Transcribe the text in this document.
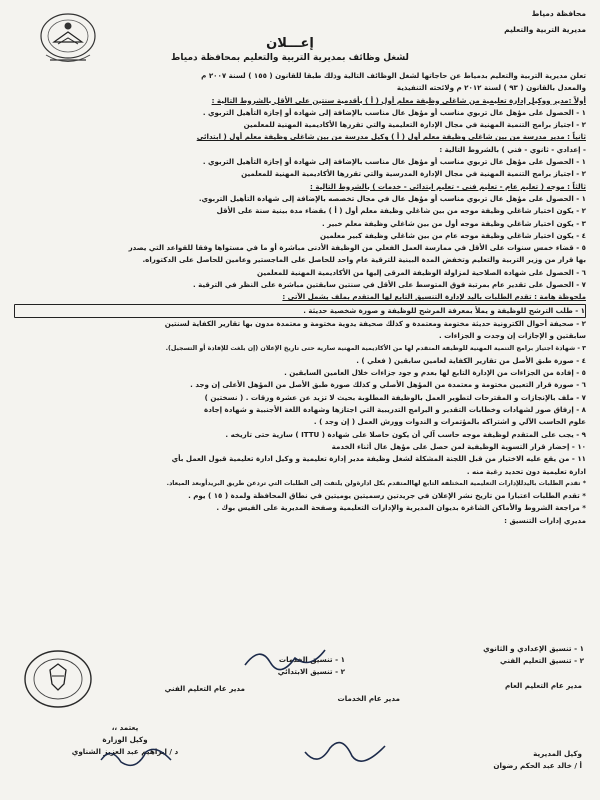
محافظة دمياط
مديرية التربية والتعليم
إعـــلان
لشغل وظائف بمديرية التربية والتعليم بمحافظة دمياط
تعلن مديرية التربية والتعليم بدمياط عن حاجاتها لشغل الوظائف التالية وذلك طبقا للقانون ( ١٥٥ ) لسنة ٢٠٠٧ م
والمعدل بالقانون ( ٩٣ ) لسنة ٢٠١٢ م ولائحته التنفيذية
أولاً :مدير ووكيل إدارة تعليمية من شاغلي وظيفة معلم أول ( أ ) بأقدمية سنتين على الأقل بالشروط التالية :
١ - الحصول على مؤهل عال تربوي مناسب أو مؤهل عال مناسب بالإضافة إلى شهادة أو إجازة التأهيل التربوي .
٢ - اجتياز برامج التنمية المهنية في مجال الإدارة التعليمية والتي تقررها الأكاديمية المهنية للمعلمين
ثانياً : مدير مدرسة من بين شاغلي وظيفة معلم أول ( أ ) وكيل مدرسة من بين شاغلي وظيفة معلم أول ( ابتدائي
- إعدادي - ثانوي - فني ) بالشروط التالية :
١ - الحصول على مؤهل عال تربوي مناسب أو مؤهل عال مناسب بالإضافة إلى شهادة أو إجازة التأهيل التربوي .
٢ - اجتياز برامج التنمية المهنية في مجال الإدارة المدرسية والتي تقررها الأكاديمية المهنية للمعلمين
ثالثاً : موجه ( تعليم عام - تعليم فني - تعليم ابتدائي - خدمات ) بالشروط التالية :
١ - الحصول على مؤهل عال تربوي مناسب أو مؤهل عال في مجال تخصصه بالإضافة إلى شهادة التأهيل التربوي.
٢ - يكون اختيار شاغلي وظيفة موجه من بين شاغلي وظيفة معلم أول ( أ ) بقضاء مدة بينية سنة على الأقل
٣ - يكون اختيار شاغلي وظيفة موجه أول من بين شاغلي وظيفة معلم خبير .
٤ - يكون اختيار شاغلي وظيفة موجه عام من بين شاغلي وظيفة كبير معلمين
٥ - قضاء خمس سنوات على الأقل في ممارسة العمل الفعلي من الوظيفة الأدنى مباشرة أو ما في مستواها وفقا للقواعد التي يصدر
بها قرار من وزير التربية والتعليم وتخفض المدة البينية للترقية عام واحد للحاصل على الماجستير وعامين للحاصل على الدكتوراه.
٦ - الحصول على شهادة الصلاحية لمزاولة الوظيفة المرقى إليها من الأكاديمية المهنية للمعلمين
٧ - الحصول على تقدير عام بمرتبة فوق المتوسط على الأقل في سنتين سابقتين مباشرة على النظر في الترقية .
ملحوظة هامة : تقدم الطلبات باليد لإدارة التنسيق التابع لها المتقدم بملف بشمل الآتي :
١ - طلب الترشح للوظيفة و يملأ بمعرفة المرشح للوظيفة و صورة شخصية حديثة .
٢ - صحيفة أحوال الكترونية حديثة مختومة ومعتمدة و كذلك صحيفة يدوية مختومة و معتمدة مدون بها تقارير الكفاية لسنتين
سابقتين و الإجازات إن وجدت و الجزاءات .
٣ - شهادة اجتياز برامج التنمية المهنية للوظيفة المتقدم لها من الأكاديمية المهنية سارية حتى تاريخ الإعلان (إن بلغت للإفادة أو التسجيل).
٤ - صورة طبق الأصل من تقارير الكفاية لعامين سابقين ( فعلي ) .
٥ - إفادة من الجزاءات من الإدارة التابع لها بعدم و جود جزاءات خلال العامين السابقين .
٦ - صورة قرار التعيين مختومة و معتمدة من المؤهل الأصلي و كذلك صورة طبق الأصل من المؤهل الأعلى إن وجد .
٧ - ملف بالإنجازات و المقترحات لتطوير العمل بالوظيفة المطلوبة بحيث لا تزيد عن عشرة ورقات . ( نسختين )
٨ - إرفاق صور لشهادات وخطابات التقدير و البرامج التدريبية التي اجتازها وشهادة اللغة الأجنبية و شهادة إجادة
علوم الحاسب الآلي و اشتراكه بالمؤتمرات و الندوات وورش العمل ( إن وجد ) .
٩ - يجب على المتقدم لوظيفة موجه حاسب آلي أن يكون حاصلا على شهادة ( ITTU ) سارية حتى تاريخه .
١٠ - إحضار قرار التسوية الوظيفية لمن حصل على مؤهل عال أثناء الخدمة
١١ - من يقع عليه الاختيار من قبل اللجنة المشكلة لشغل وظيفة مدير إدارة تعليمية و وكيل ادارة تعليمية قبول العمل بأي
ادارة تعليمية دون تحديد رغبة منه .
* تقدم الطلبات باليدللإدارات التعليمية المختلفة التابع لهاالمتقدم بكل ادارةولن يلتفت إلى الطلبات التي تردعن طريق البريدأوبعد الميعاد.
* تقدم الطلبات اعتبارا من تاريخ نشر الإعلان في جريدتين رسميتين يوميتين في نطاق المحافظة ولمدة ( ١٥ ) يوم .
* مراجعة الشروط والأماكن الشاغرة بديوان المديرية والإدارات التعليمية وصفحة المديرية على الفيس بوك .
مديري إدارات التنسيق :
١ - تنسيق الإعدادي و الثانوي
٢ - تنسيق التعليم الفني
١ - تنسيق الخدمات
٢ - تنسيق الابتدائي
مدير عام التعليم العام
مدير عام الخدمات
مدير عام التعليم الفني
وكيل المديرية
أ / خالد عبد الحكم رضوان
يعتمد ،،
وكيل الوزارة
د / إبراهيم عبد العزيز الشناوي
